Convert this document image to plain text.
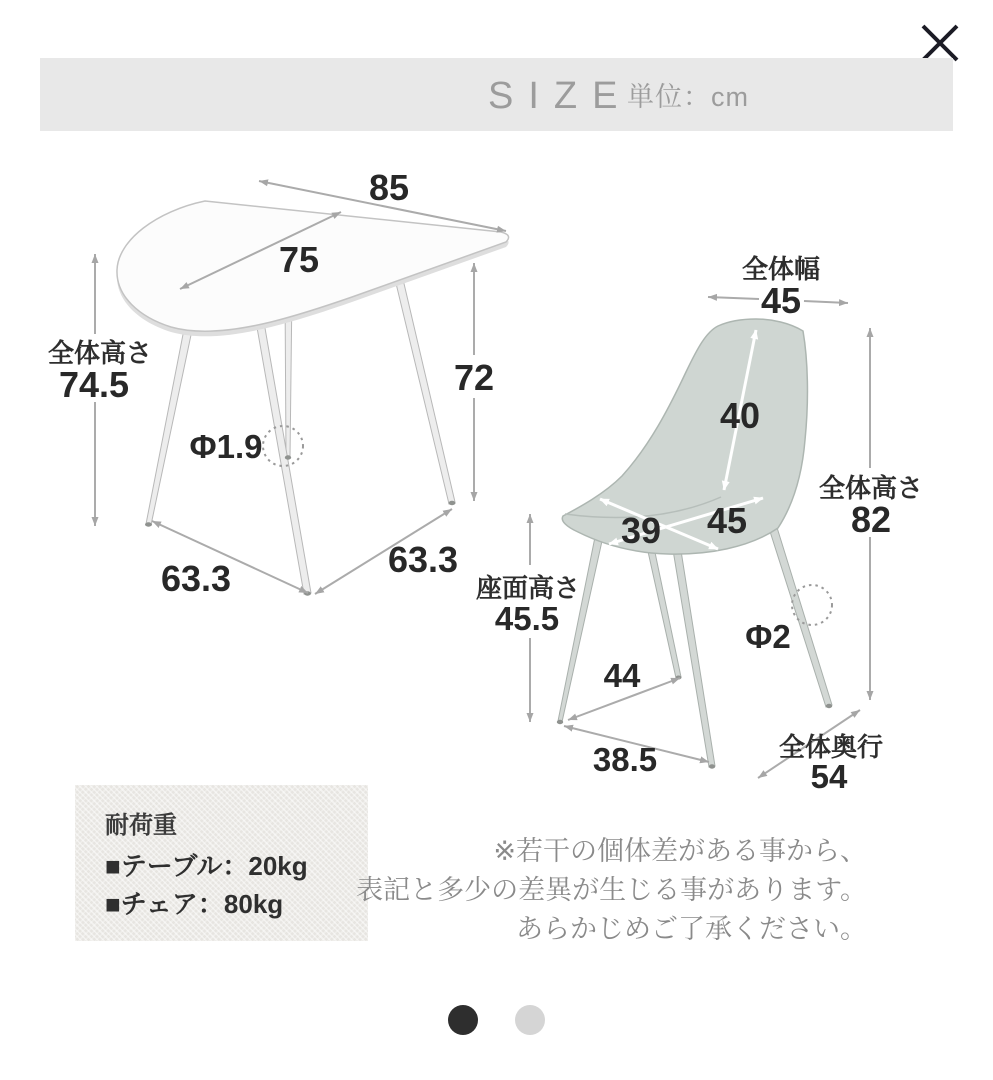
SIZE
単位：cm
85
75
全体高さ
74.5	72
Φ1.9
63.3	63.3
全体幅
45
40
39 45
全体高さ
82
座面高さ
45.5
44
Φ2
38.5	全体奥行
54
耐荷重
■テーブル：20kg
■チェア：80kg
※若干の個体差がある事から、
表記と多少の差異が生じる事があります。
あらかじめご了承ください。
